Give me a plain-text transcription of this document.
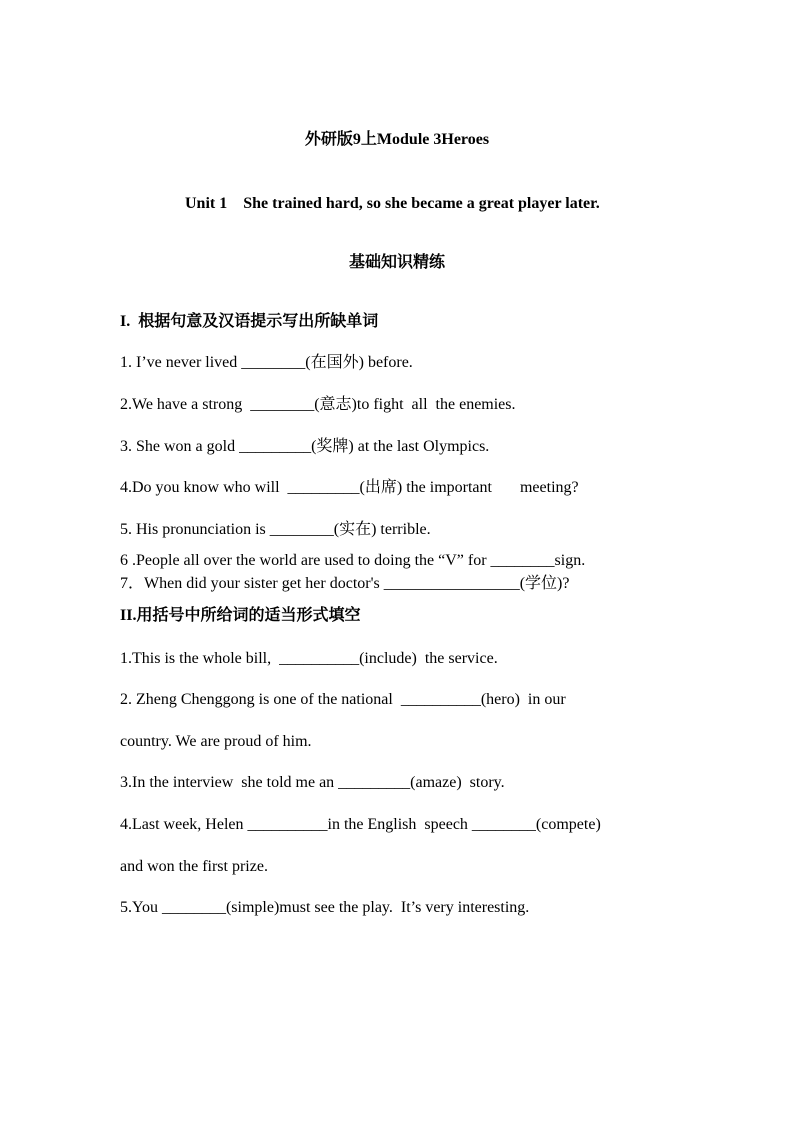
外研版9上Module 3Heroes
Unit 1    She trained hard, so she became a great player later.
基础知识精练
I.  根据句意及汉语提示写出所缺单词
1. I’ve never lived ________(在国外) before.
2.We have a strong  ________(意志)to fight  all  the enemies.
3. She won a gold _________(奖牌) at the last Olympics.
4.Do you know who will  _________(出席) the important       meeting?
5. His pronunciation is ________(实在) terrible.
6 .People all over the world are used to doing the “V” for ________sign.
7．When did your sister get her doctor's _________________(学位)?
II.用括号中所给词的适当形式填空
1.This is the whole bill,  __________(include)  the service.
2. Zheng Chenggong is one of the national  __________(hero)  in our
country. We are proud of him.
3.In the interview  she told me an _________(amaze)  story.
4.Last week, Helen __________in the English  speech ________(compete)
and won the first prize.
5.You ________(simple)must see the play.  It’s very interesting.
